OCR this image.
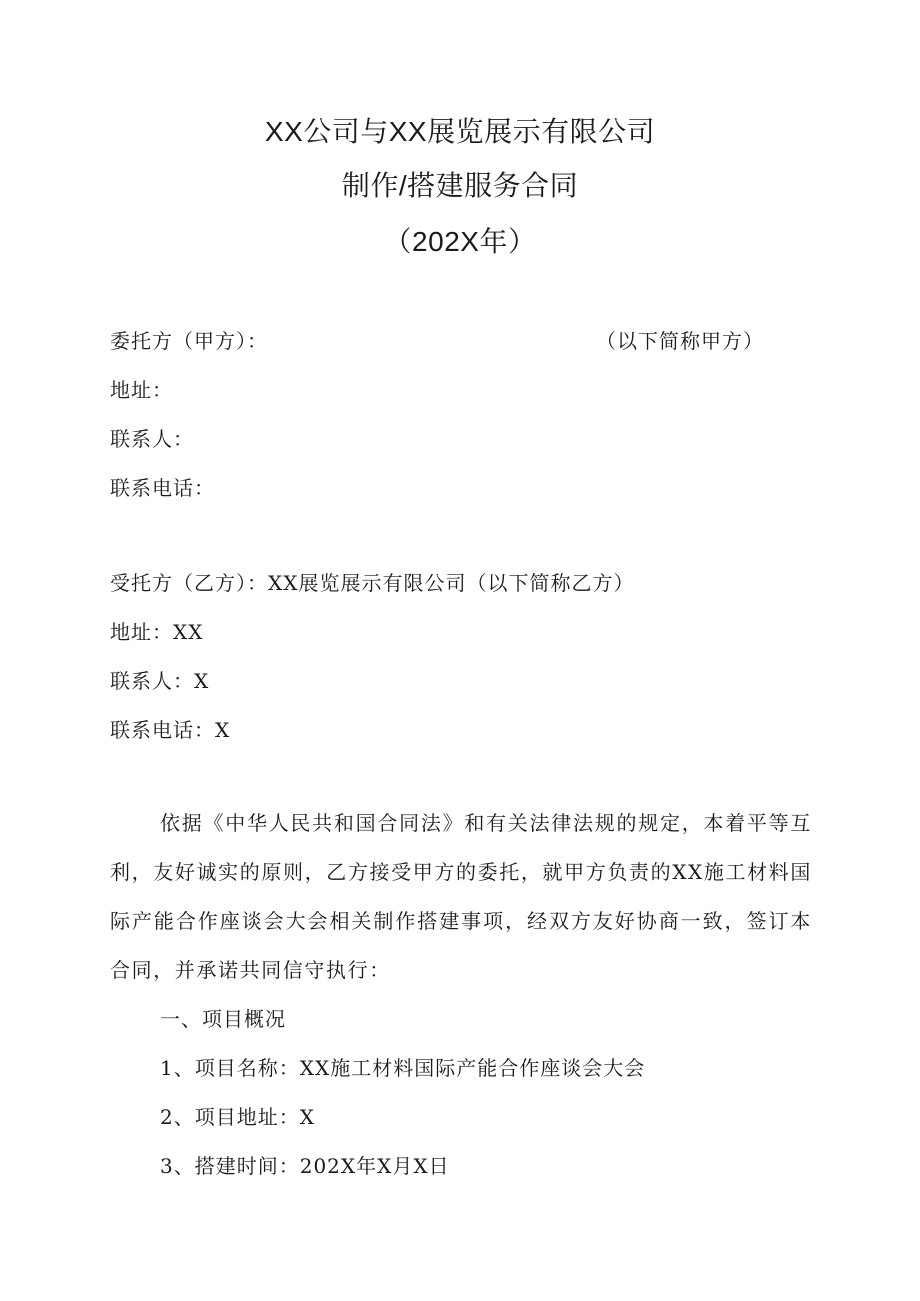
XX公司与XX展览展示有限公司
制作/搭建服务合同
（202X年）
委托方（甲方）：	（以下简称甲方）
地址：
联系人：
联系电话：
受托方（乙方）：XX展览展示有限公司（以下简称乙方）
地址：XX
联系人：X
联系电话：X

依据《中华人民共和国合同法》和有关法律法规的规定，本着平等互利，友好诚实的原则，乙方接受甲方的委托，就甲方负责的XX施工材料国际产能合作座谈会大会相关制作搭建事项，经双方友好协商一致，签订本合同，并承诺共同信守执行：

一、项目概况
1、项目名称：XX施工材料国际产能合作座谈会大会
2、项目地址：X
3、搭建时间：202X年X月X日
